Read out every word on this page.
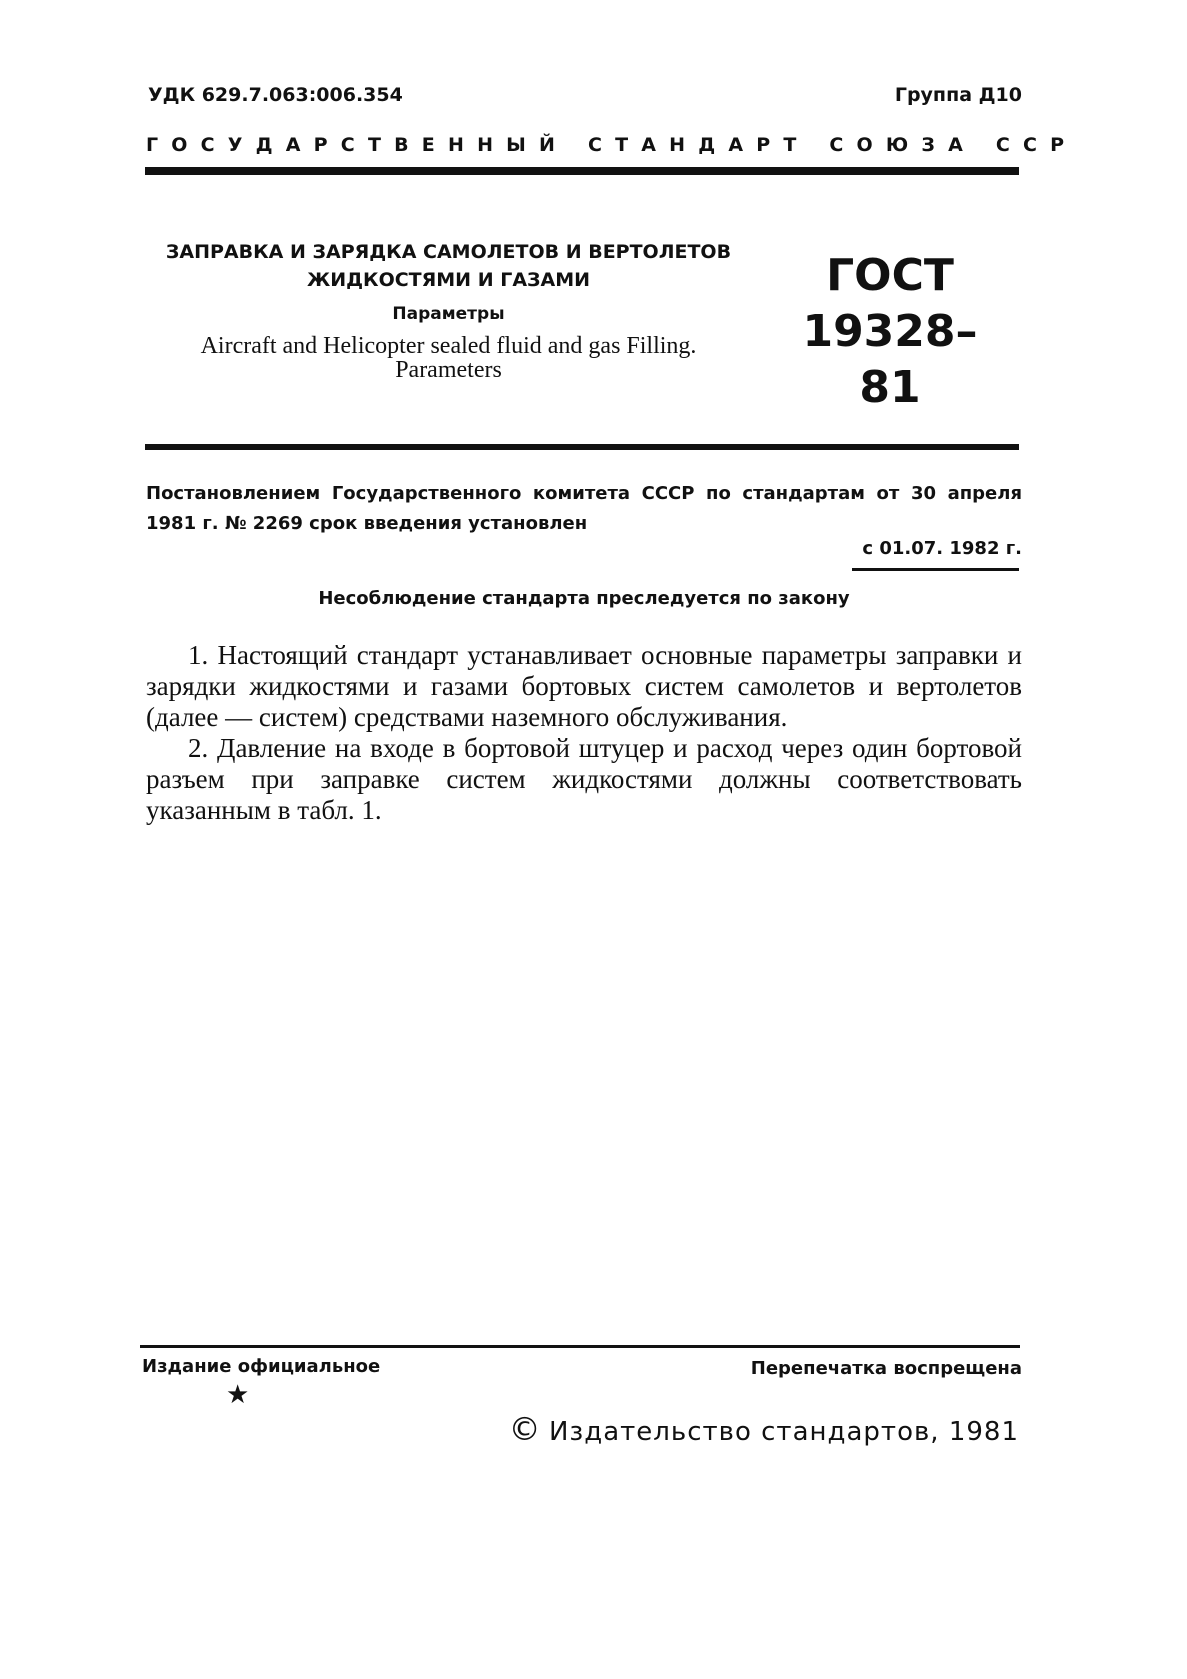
УДК 629.7.063:006.354	Группа Д10
ГОСУДАРСТВЕННЫЙ СТАНДАРТ СОЮЗА ССР
ЗАПРАВКА И ЗАРЯДКА САМОЛЕТОВ И ВЕРТОЛЕТОВ
ЖИДКОСТЯМИ И ГАЗАМИ
Параметры
Aircraft and Helicopter sealed fluid and gas Filling.
Parameters
ГОСТ
19328–81
Постановлением Государственного комитета СССР по стандартам от 30 апреля
1981 г. № 2269 срок введения установлен
с 01.07. 1982 г.
Несоблюдение стандарта преследуется по закону

1. Настоящий стандарт устанавливает основные параметры заправки и зарядки жидкостями и газами бортовых систем самолетов и вертолетов (далее — систем) средствами наземного обслуживания.

2. Давление на входе в бортовой штуцер и расход через один бортовой разъем при заправке систем жидкостями должны соответствовать указанным в табл. 1.

Издание официальное
★
Перепечатка воспрещена
© Издательство стандартов, 1981
